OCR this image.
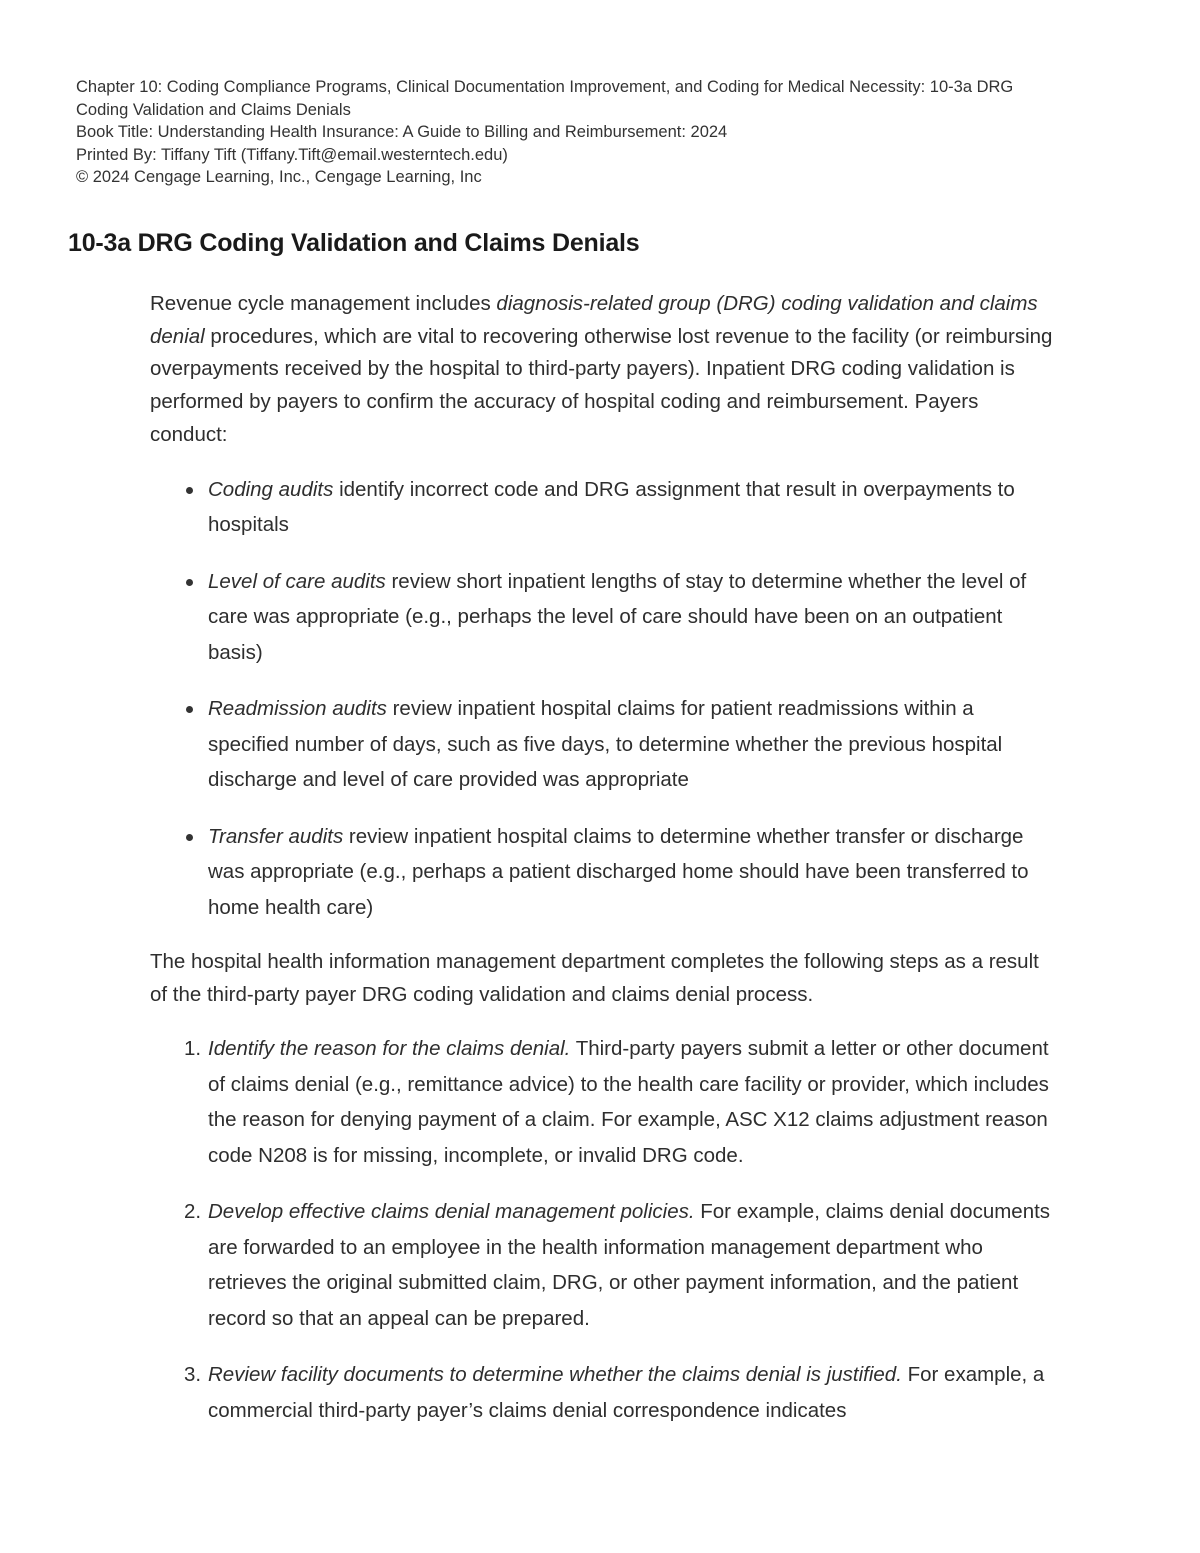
Chapter 10: Coding Compliance Programs, Clinical Documentation Improvement, and Coding for Medical Necessity: 10-3a DRG
Coding Validation and Claims Denials
Book Title: Understanding Health Insurance: A Guide to Billing and Reimbursement: 2024
Printed By: Tiffany Tift (Tiffany.Tift@email.westerntech.edu)
© 2024 Cengage Learning, Inc., Cengage Learning, Inc
10-3a DRG Coding Validation and Claims Denials

Revenue cycle management includes diagnosis-related group (DRG) coding validation and claims denial procedures, which are vital to recovering otherwise lost revenue to the facility (or reimbursing overpayments received by the hospital to third-party payers). Inpatient DRG coding validation is performed by payers to confirm the accuracy of hospital coding and reimbursement. Payers conduct:

Coding audits identify incorrect code and DRG assignment that result in overpayments to hospitals
Level of care audits review short inpatient lengths of stay to determine whether the level of care was appropriate (e.g., perhaps the level of care should have been on an outpatient basis)
Readmission audits review inpatient hospital claims for patient readmissions within a specified number of days, such as five days, to determine whether the previous hospital discharge and level of care provided was appropriate
Transfer audits review inpatient hospital claims to determine whether transfer or discharge was appropriate (e.g., perhaps a patient discharged home should have been transferred to home health care)

The hospital health information management department completes the following steps as a result of the third-party payer DRG coding validation and claims denial process.

1. Identify the reason for the claims denial. Third-party payers submit a letter or other document of claims denial (e.g., remittance advice) to the health care facility or provider, which includes the reason for denying payment of a claim. For example, ASC X12 claims adjustment reason code N208 is for missing, incomplete, or invalid DRG code.
2. Develop effective claims denial management policies. For example, claims denial documents are forwarded to an employee in the health information management department who retrieves the original submitted claim, DRG, or other payment information, and the patient record so that an appeal can be prepared.
3. Review facility documents to determine whether the claims denial is justified. For example, a commercial third-party payer’s claims denial correspondence indicates
